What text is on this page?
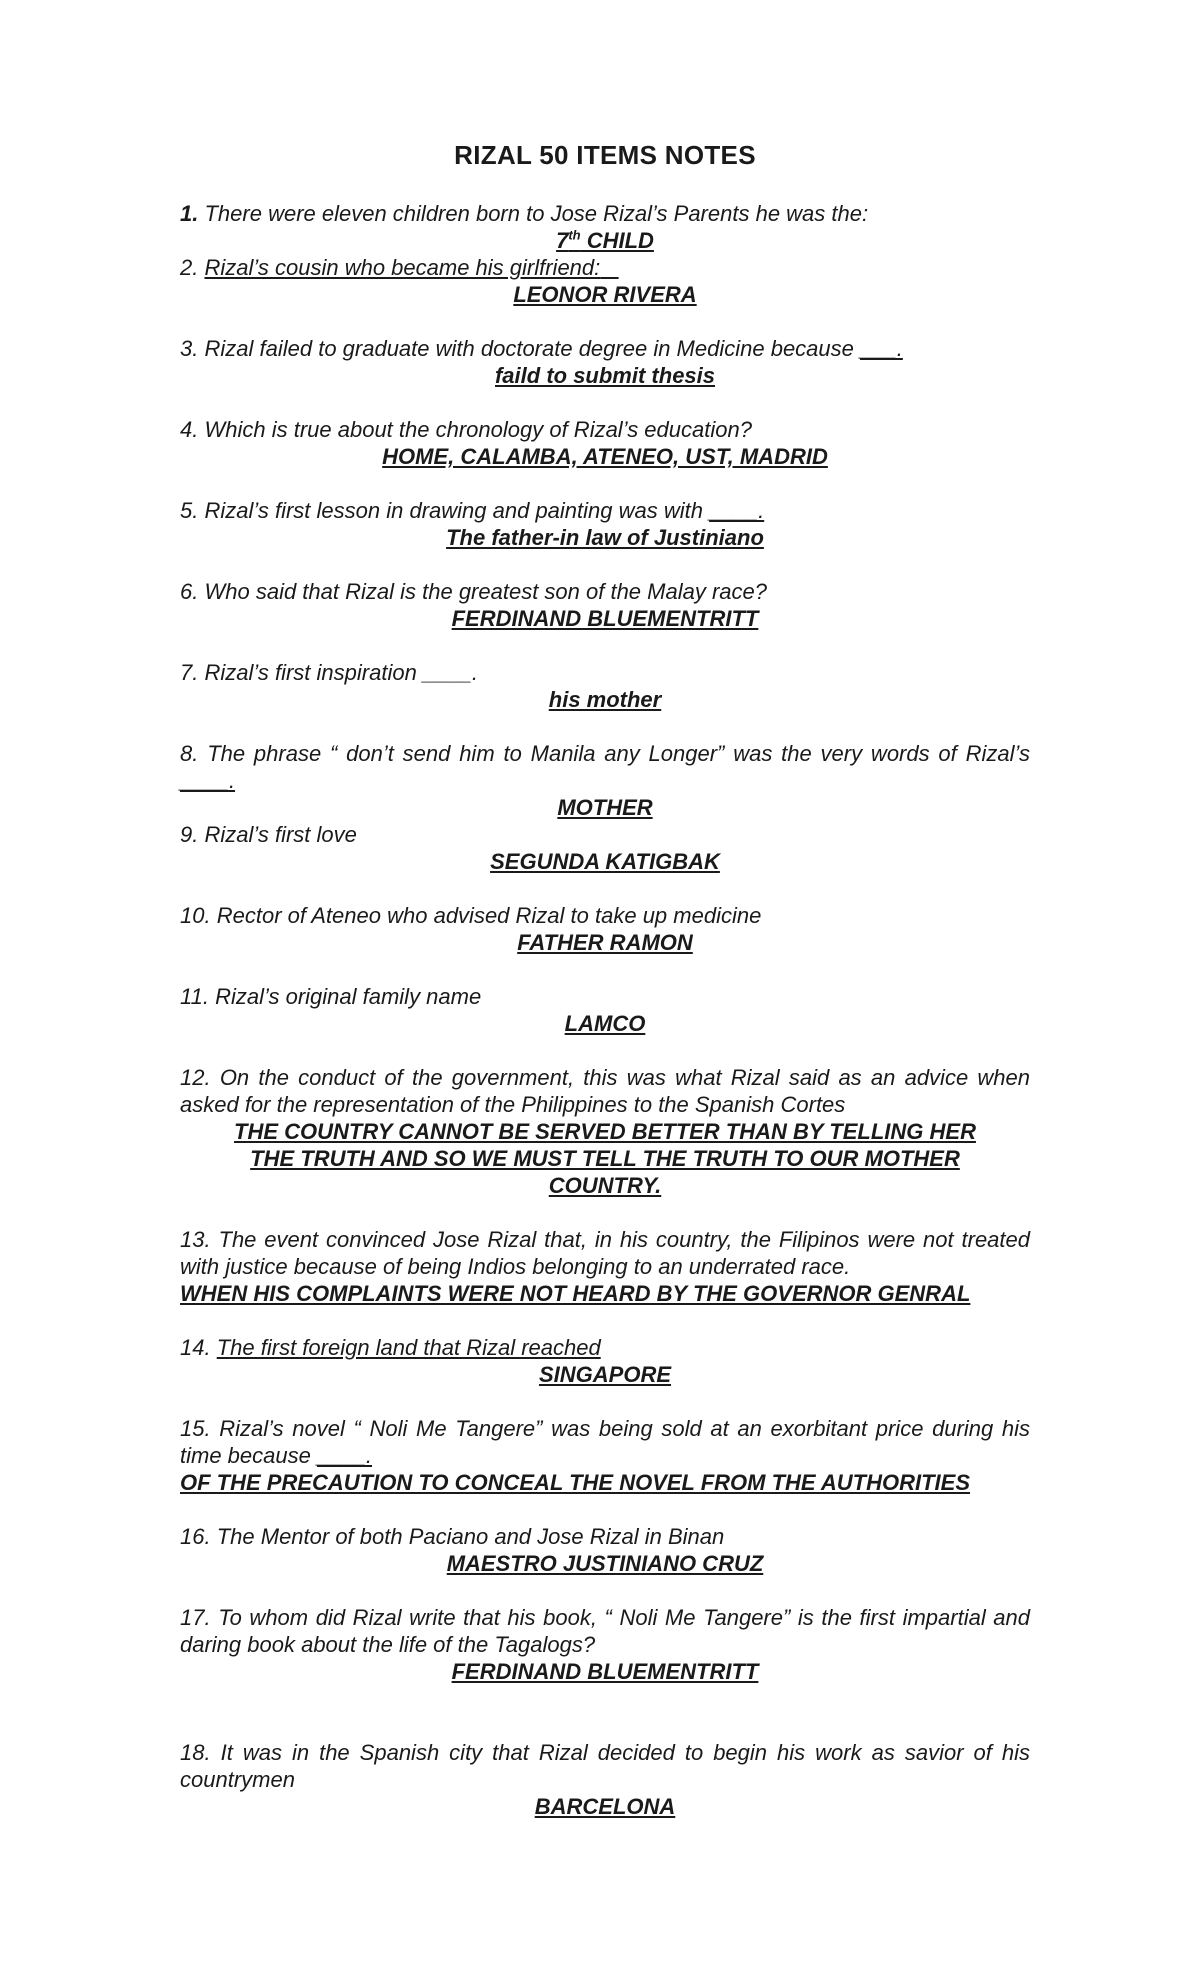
RIZAL 50 ITEMS NOTES
1. There were eleven children born to Jose Rizal’s Parents he was the:
7th CHILD
2. Rizal’s cousin who became his girlfriend:
LEONOR RIVERA
3. Rizal failed to graduate with doctorate degree in Medicine because ___.
faild to submit thesis
4. Which is true about the chronology of Rizal’s education?
HOME, CALAMBA, ATENEO, UST, MADRID
5. Rizal’s first lesson in drawing and painting was with ____.
The father-in law of Justiniano
6. Who said that Rizal is the greatest son of the Malay race?
FERDINAND BLUEMENTRITT
7. Rizal’s first inspiration ____.
his mother
8. The phrase “ don’t send him to Manila any Longer” was the very words of Rizal’s ____.
MOTHER
9. Rizal’s first love
SEGUNDA KATIGBAK
10. Rector of Ateneo who advised Rizal to take up medicine
FATHER RAMON
11. Rizal’s original family name
LAMCO
12. On the conduct of the government, this was what Rizal said as an advice when asked for the representation of the Philippines to the Spanish Cortes
THE COUNTRY CANNOT BE SERVED BETTER THAN BY TELLING HER
THE TRUTH AND SO WE MUST TELL THE TRUTH TO OUR MOTHER
COUNTRY.
13. The event convinced Jose Rizal that, in his country, the Filipinos were not treated with justice because of being Indios belonging to an underrated race.
WHEN HIS COMPLAINTS WERE NOT HEARD BY THE GOVERNOR GENRAL
14. The first foreign land that Rizal reached
SINGAPORE
15. Rizal’s novel “ Noli Me Tangere” was being sold at an exorbitant price during his time because ____.
OF THE PRECAUTION TO CONCEAL THE NOVEL FROM THE AUTHORITIES
16. The Mentor of both Paciano and Jose Rizal in Binan
MAESTRO JUSTINIANO CRUZ
17. To whom did Rizal write that his book, “ Noli Me Tangere” is the first impartial and daring book about the life of the Tagalogs?
FERDINAND BLUEMENTRITT
18. It was in the Spanish city that Rizal decided to begin his work as savior of his countrymen
BARCELONA
